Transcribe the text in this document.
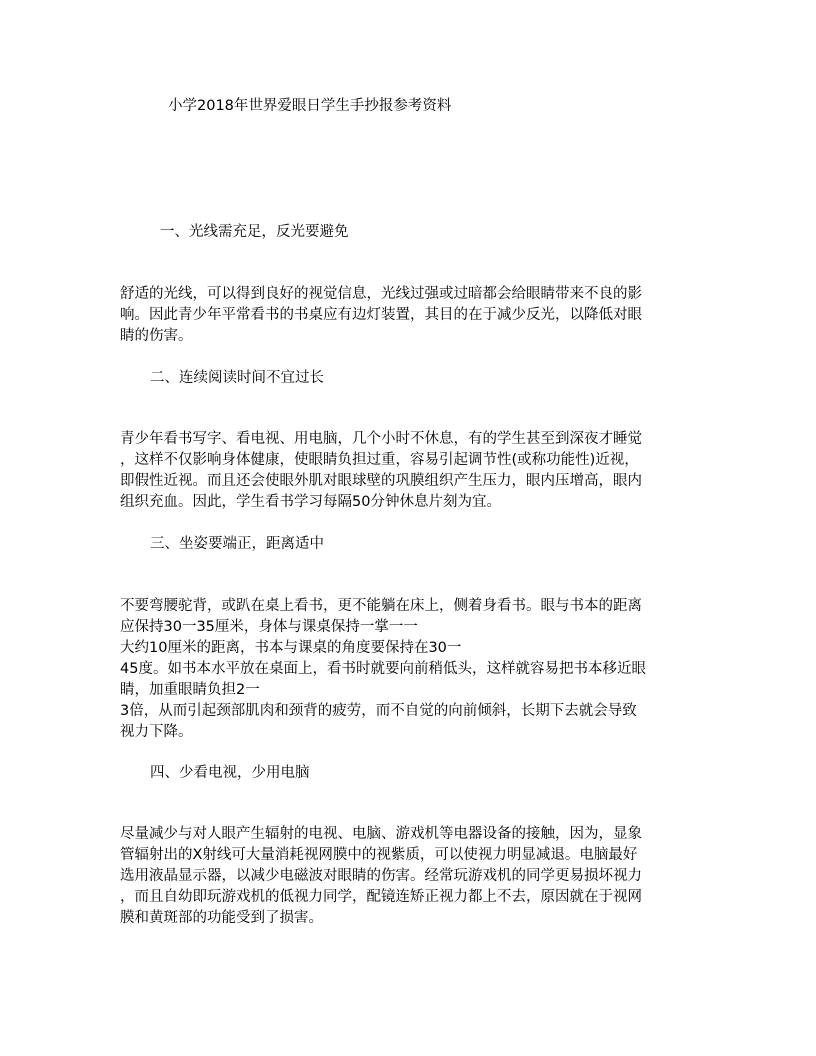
小学2018年世界爱眼日学生手抄报参考资料
一、光线需充足，反光要避免
舒适的光线，可以得到良好的视觉信息，光线过强或过暗都会给眼睛带来不良的影
响。因此青少年平常看书的书桌应有边灯装置，其目的在于减少反光，以降低对眼
睛的伤害。
二、连续阅读时间不宜过长
青少年看书写字、看电视、用电脑，几个小时不休息，有的学生甚至到深夜才睡觉
，这样不仅影响身体健康，使眼睛负担过重，容易引起调节性(或称功能性)近视，
即假性近视。而且还会使眼外肌对眼球壁的巩膜组织产生压力，眼内压增高，眼内
组织充血。因此，学生看书学习每隔50分钟休息片刻为宜。
三、坐姿要端正，距离适中
不要弯腰驼背，或趴在桌上看书，更不能躺在床上，侧着身看书。眼与书本的距离
应保持30一35厘米，身体与课桌保持一掌一一
大约10厘米的距离，书本与课桌的角度要保持在30一
45度。如书本水平放在桌面上，看书时就要向前稍低头，这样就容易把书本移近眼
睛，加重眼睛负担2一
3倍，从而引起颈部肌肉和颈背的疲劳，而不自觉的向前倾斜，长期下去就会导致
视力下降。
四、少看电视，少用电脑
尽量减少与对人眼产生辐射的电视、电脑、游戏机等电器设备的接触，因为，显象
管辐射出的X射线可大量消耗视网膜中的视紫质，可以使视力明显减退。电脑最好
选用液晶显示器，以减少电磁波对眼睛的伤害。经常玩游戏机的同学更易损坏视力
，而且自幼即玩游戏机的低视力同学，配镜连矫正视力都上不去，原因就在于视网
膜和黄斑部的功能受到了损害。
